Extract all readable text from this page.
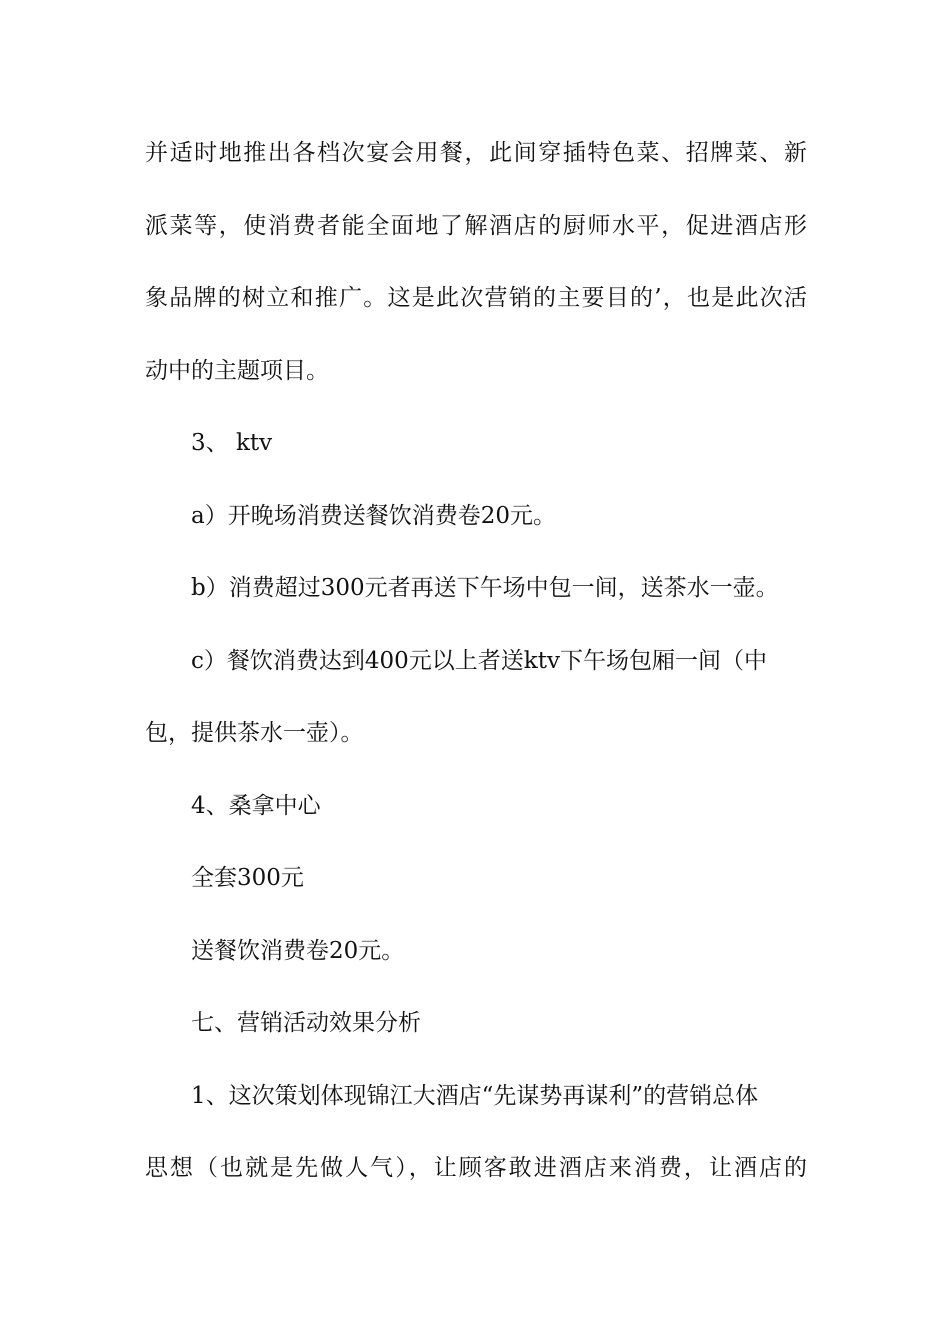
并适时地推出各档次宴会用餐，此间穿插特色菜、招牌菜、新
派菜等，使消费者能全面地了解酒店的厨师水平，促进酒店形
象品牌的树立和推广。这是此次营销的主要目的’，也是此次活
动中的主题项目。
3、 ktv
a）开晚场消费送餐饮消费卷20元。
b）消费超过300元者再送下午场中包一间，送茶水一壶。
c）餐饮消费达到400元以上者送ktv下午场包厢一间（中
包，提供茶水一壶）。
4、桑拿中心
全套300元
送餐饮消费卷20元。
七、营销活动效果分析
1、这次策划体现锦江大酒店“先谋势再谋利”的营销总体
思想（也就是先做人气），让顾客敢进酒店来消费，让酒店的
